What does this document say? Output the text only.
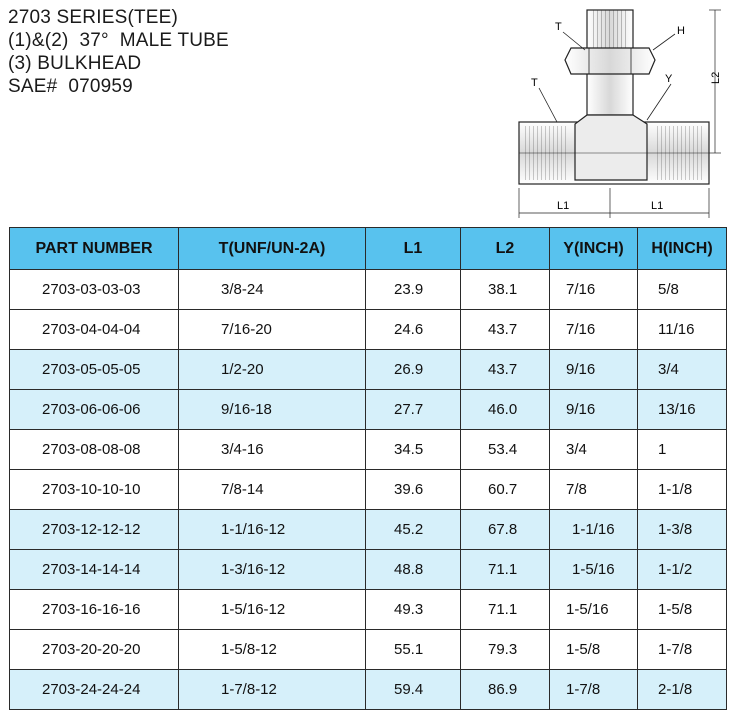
2703 SERIES(TEE)
(1)&(2)  37°  MALE TUBE
(3) BULKHEAD
SAE#  070959
T	H
T	Y	L2
L1	L1
PART NUMBER	T(UNF/UN-2A)	L1	L2	Y(INCH)	H(INCH)
2703-03-03-03	3/8-24	23.9	38.1	7/16	5/8
2703-04-04-04	7/16-20	24.6	43.7	7/16	11/16
2703-05-05-05	1/2-20	26.9	43.7	9/16	3/4
2703-06-06-06	9/16-18	27.7	46.0	9/16	13/16
2703-08-08-08	3/4-16	34.5	53.4	3/4	1
2703-10-10-10	7/8-14	39.6	60.7	7/8	1-1/8
2703-12-12-12	1-1/16-12	45.2	67.8	1-1/16	1-3/8
2703-14-14-14	1-3/16-12	48.8	71.1	1-5/16	1-1/2
2703-16-16-16	1-5/16-12	49.3	71.1	1-5/16	1-5/8
2703-20-20-20	1-5/8-12	55.1	79.3	1-5/8	1-7/8
2703-24-24-24	1-7/8-12	59.4	86.9	1-7/8	2-1/8
